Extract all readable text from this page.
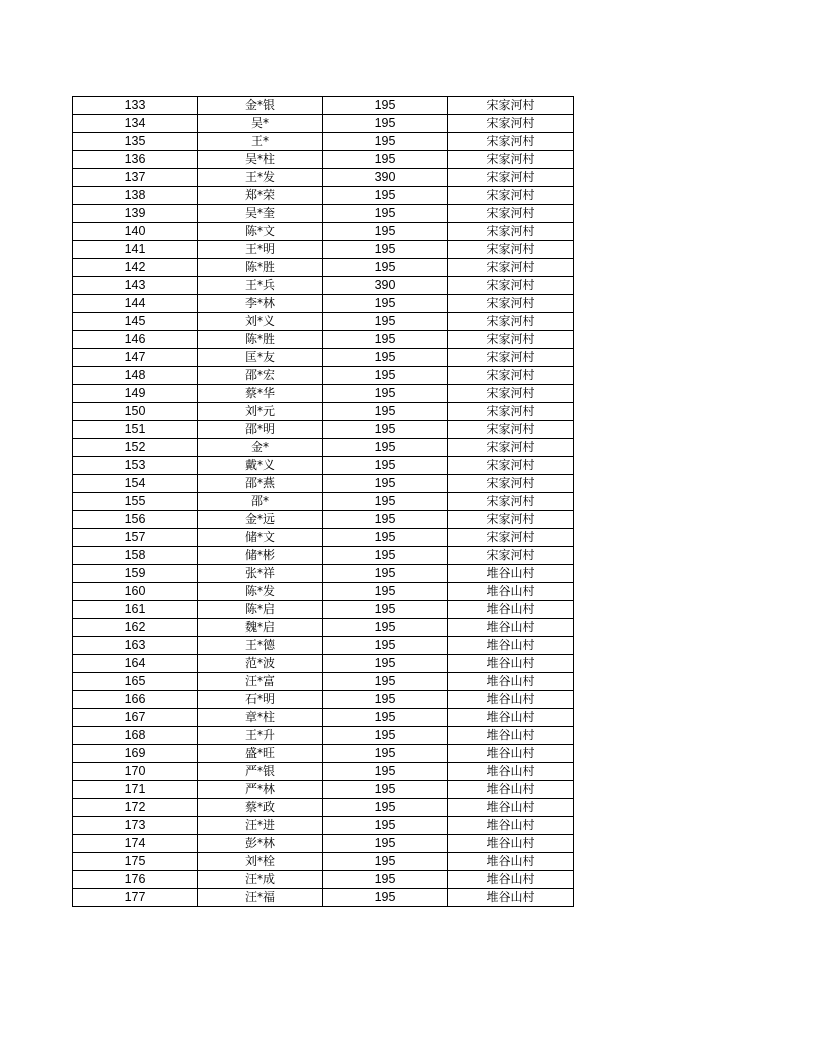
133	金*银	195	宋家河村
134	吴*	195	宋家河村
135	王*	195	宋家河村
136	吴*柱	195	宋家河村
137	王*发	390	宋家河村
138	郑*荣	195	宋家河村
139	吴*奎	195	宋家河村
140	陈*文	195	宋家河村
141	王*明	195	宋家河村
142	陈*胜	195	宋家河村
143	王*兵	390	宋家河村
144	李*林	195	宋家河村
145	刘*义	195	宋家河村
146	陈*胜	195	宋家河村
147	匡*友	195	宋家河村
148	邵*宏	195	宋家河村
149	蔡*华	195	宋家河村
150	刘*元	195	宋家河村
151	邵*明	195	宋家河村
152	金*	195	宋家河村
153	戴*义	195	宋家河村
154	邵*燕	195	宋家河村
155	邵*	195	宋家河村
156	金*远	195	宋家河村
157	储*文	195	宋家河村
158	储*彬	195	宋家河村
159	张*祥	195	堆谷山村
160	陈*发	195	堆谷山村
161	陈*启	195	堆谷山村
162	魏*启	195	堆谷山村
163	王*德	195	堆谷山村
164	范*波	195	堆谷山村
165	汪*富	195	堆谷山村
166	石*明	195	堆谷山村
167	章*柱	195	堆谷山村
168	王*升	195	堆谷山村
169	盛*旺	195	堆谷山村
170	严*银	195	堆谷山村
171	严*林	195	堆谷山村
172	蔡*政	195	堆谷山村
173	汪*进	195	堆谷山村
174	彭*林	195	堆谷山村
175	刘*栓	195	堆谷山村
176	汪*成	195	堆谷山村
177	汪*福	195	堆谷山村
